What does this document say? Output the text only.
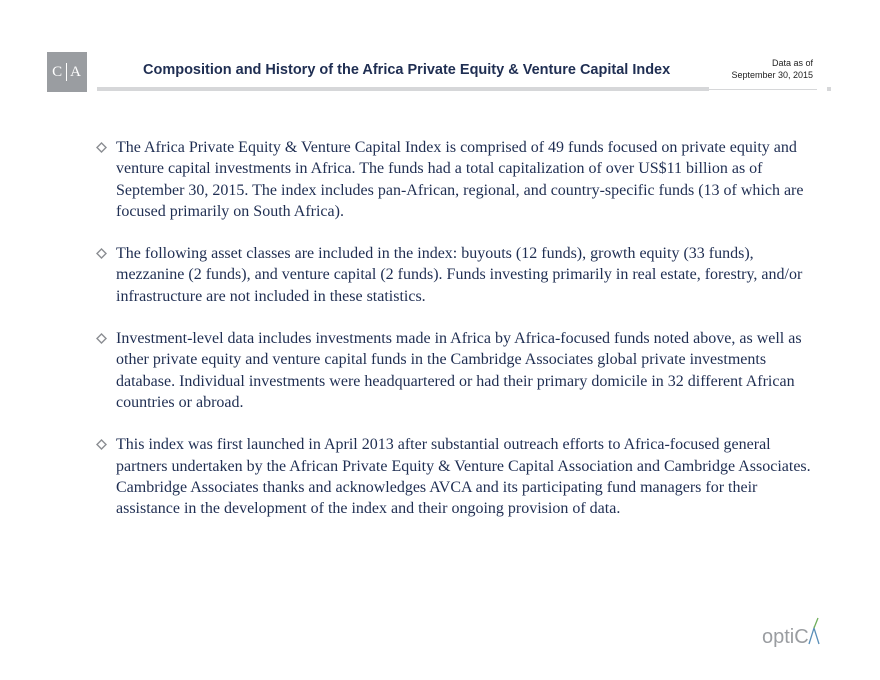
C A	Composition and History of the Africa Private Equity & Venture Capital Index	Data as of
September 30, 2015
The Africa Private Equity & Venture Capital Index is comprised of 49 funds focused on private equity and venture capital investments in Africa. The funds had a total capitalization of over US$11 billion as of September 30, 2015. The index includes pan-African, regional, and country-specific funds (13 of which are focused primarily on South Africa).
The following asset classes are included in the index: buyouts (12 funds), growth equity (33 funds), mezzanine (2 funds), and venture capital (2 funds). Funds investing primarily in real estate, forestry, and/or infrastructure are not included in these statistics.
Investment-level data includes investments made in Africa by Africa-focused funds noted above, as well as other private equity and venture capital funds in the Cambridge Associates global private investments database. Individual investments were headquartered or had their primary domicile in 32 different African countries or abroad.
This index was first launched in April 2013 after substantial outreach efforts to Africa-focused general partners undertaken by the African Private Equity & Venture Capital Association and Cambridge Associates. Cambridge Associates thanks and acknowledges AVCA and its participating fund managers for their assistance in the development of the index and their ongoing provision of data.
optiC
